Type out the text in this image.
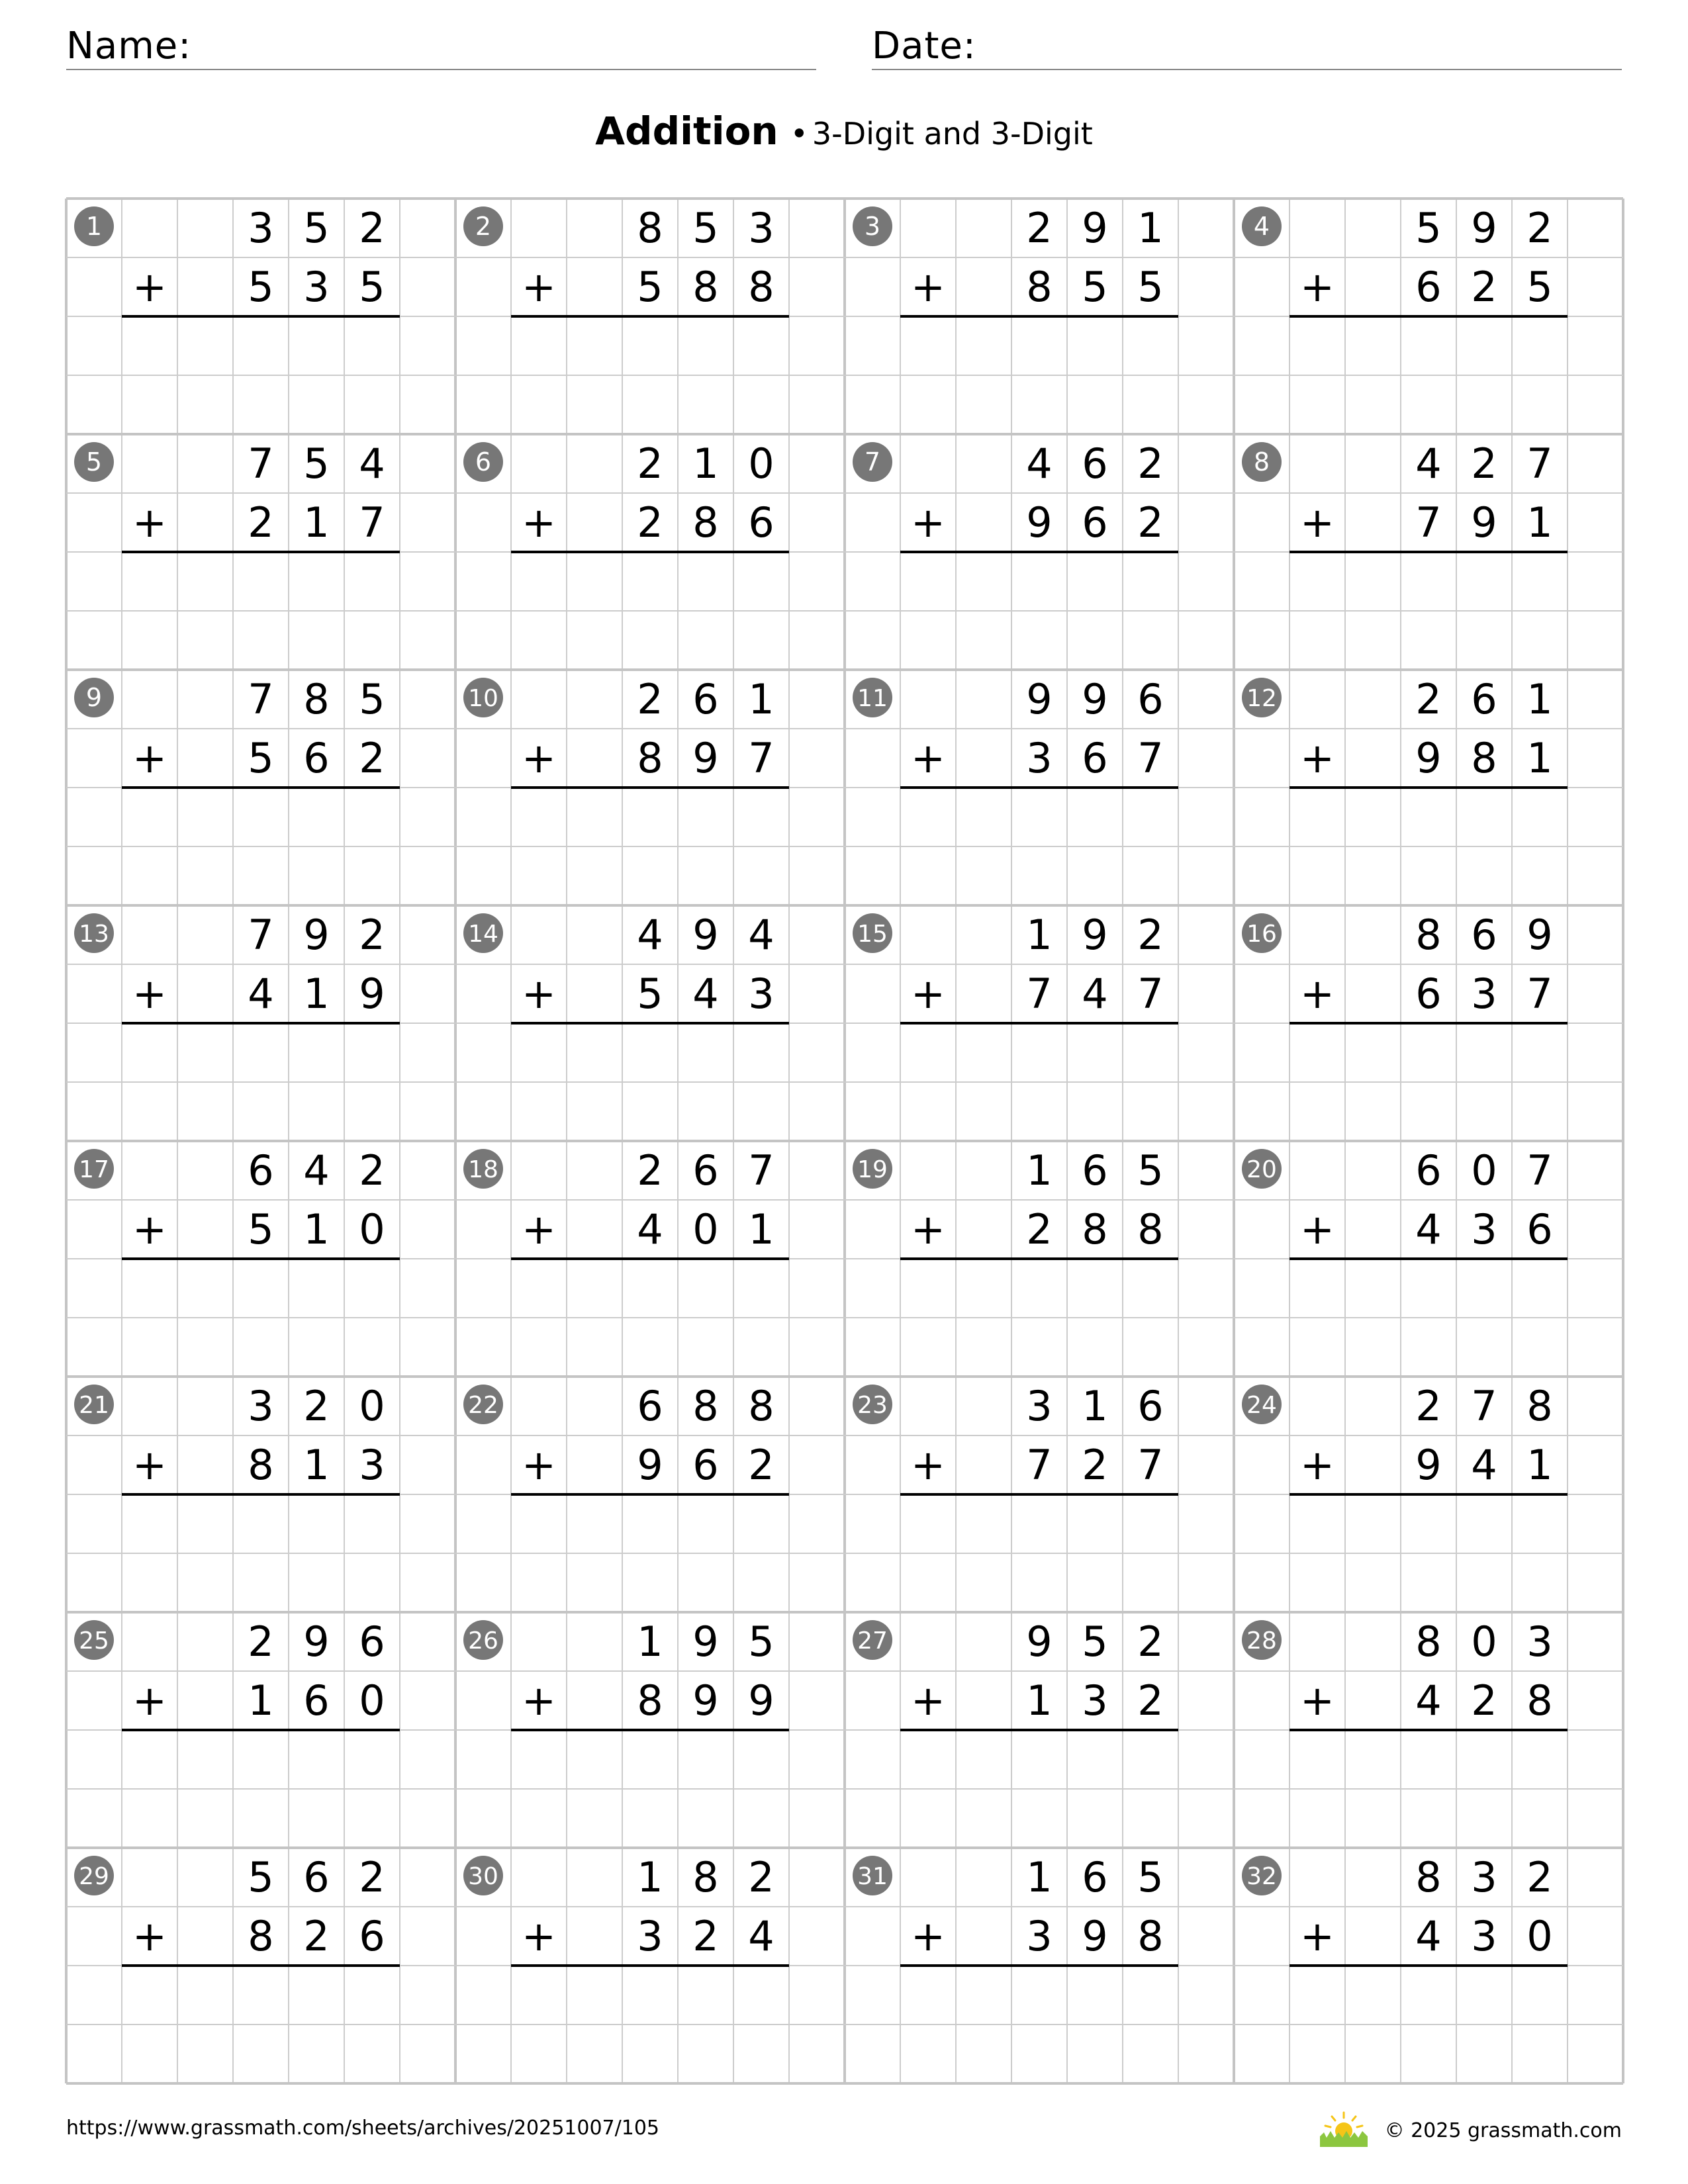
Name:	Date:
Addition • 3-Digit and 3-Digit
1	3 5 2
+ 5 3 5
2	8 5 3
+ 5 8 8
3	2 9 1
+ 8 5 5
4	5 9 2
+ 6 2 5
5	7 5 4
+ 2 1 7
6	2 1 0
+ 2 8 6
7	4 6 2
+ 9 6 2
8	4 2 7
+ 7 9 1
9	7 8 5
+ 5 6 2
10	2 6 1
+ 8 9 7
11	9 9 6
+ 3 6 7
12	2 6 1
+ 9 8 1
13	7 9 2
+ 4 1 9
14	4 9 4
+ 5 4 3
15	1 9 2
+ 7 4 7
16	8 6 9
+ 6 3 7
17	6 4 2
+ 5 1 0
18	2 6 7
+ 4 0 1
19	1 6 5
+ 2 8 8
20	6 0 7
+ 4 3 6
21	3 2 0
+ 8 1 3
22	6 8 8
+ 9 6 2
23	3 1 6
+ 7 2 7
24	2 7 8
+ 9 4 1
25	2 9 6
+ 1 6 0
26	1 9 5
+ 8 9 9
27	9 5 2
+ 1 3 2
28	8 0 3
+ 4 2 8
29	5 6 2
+ 8 2 6
30	1 8 2
+ 3 2 4
31	1 6 5
+ 3 9 8
32	8 3 2
+ 4 3 0
https://www.grassmath.com/sheets/archives/20251007/105	© 2025 grassmath.com
